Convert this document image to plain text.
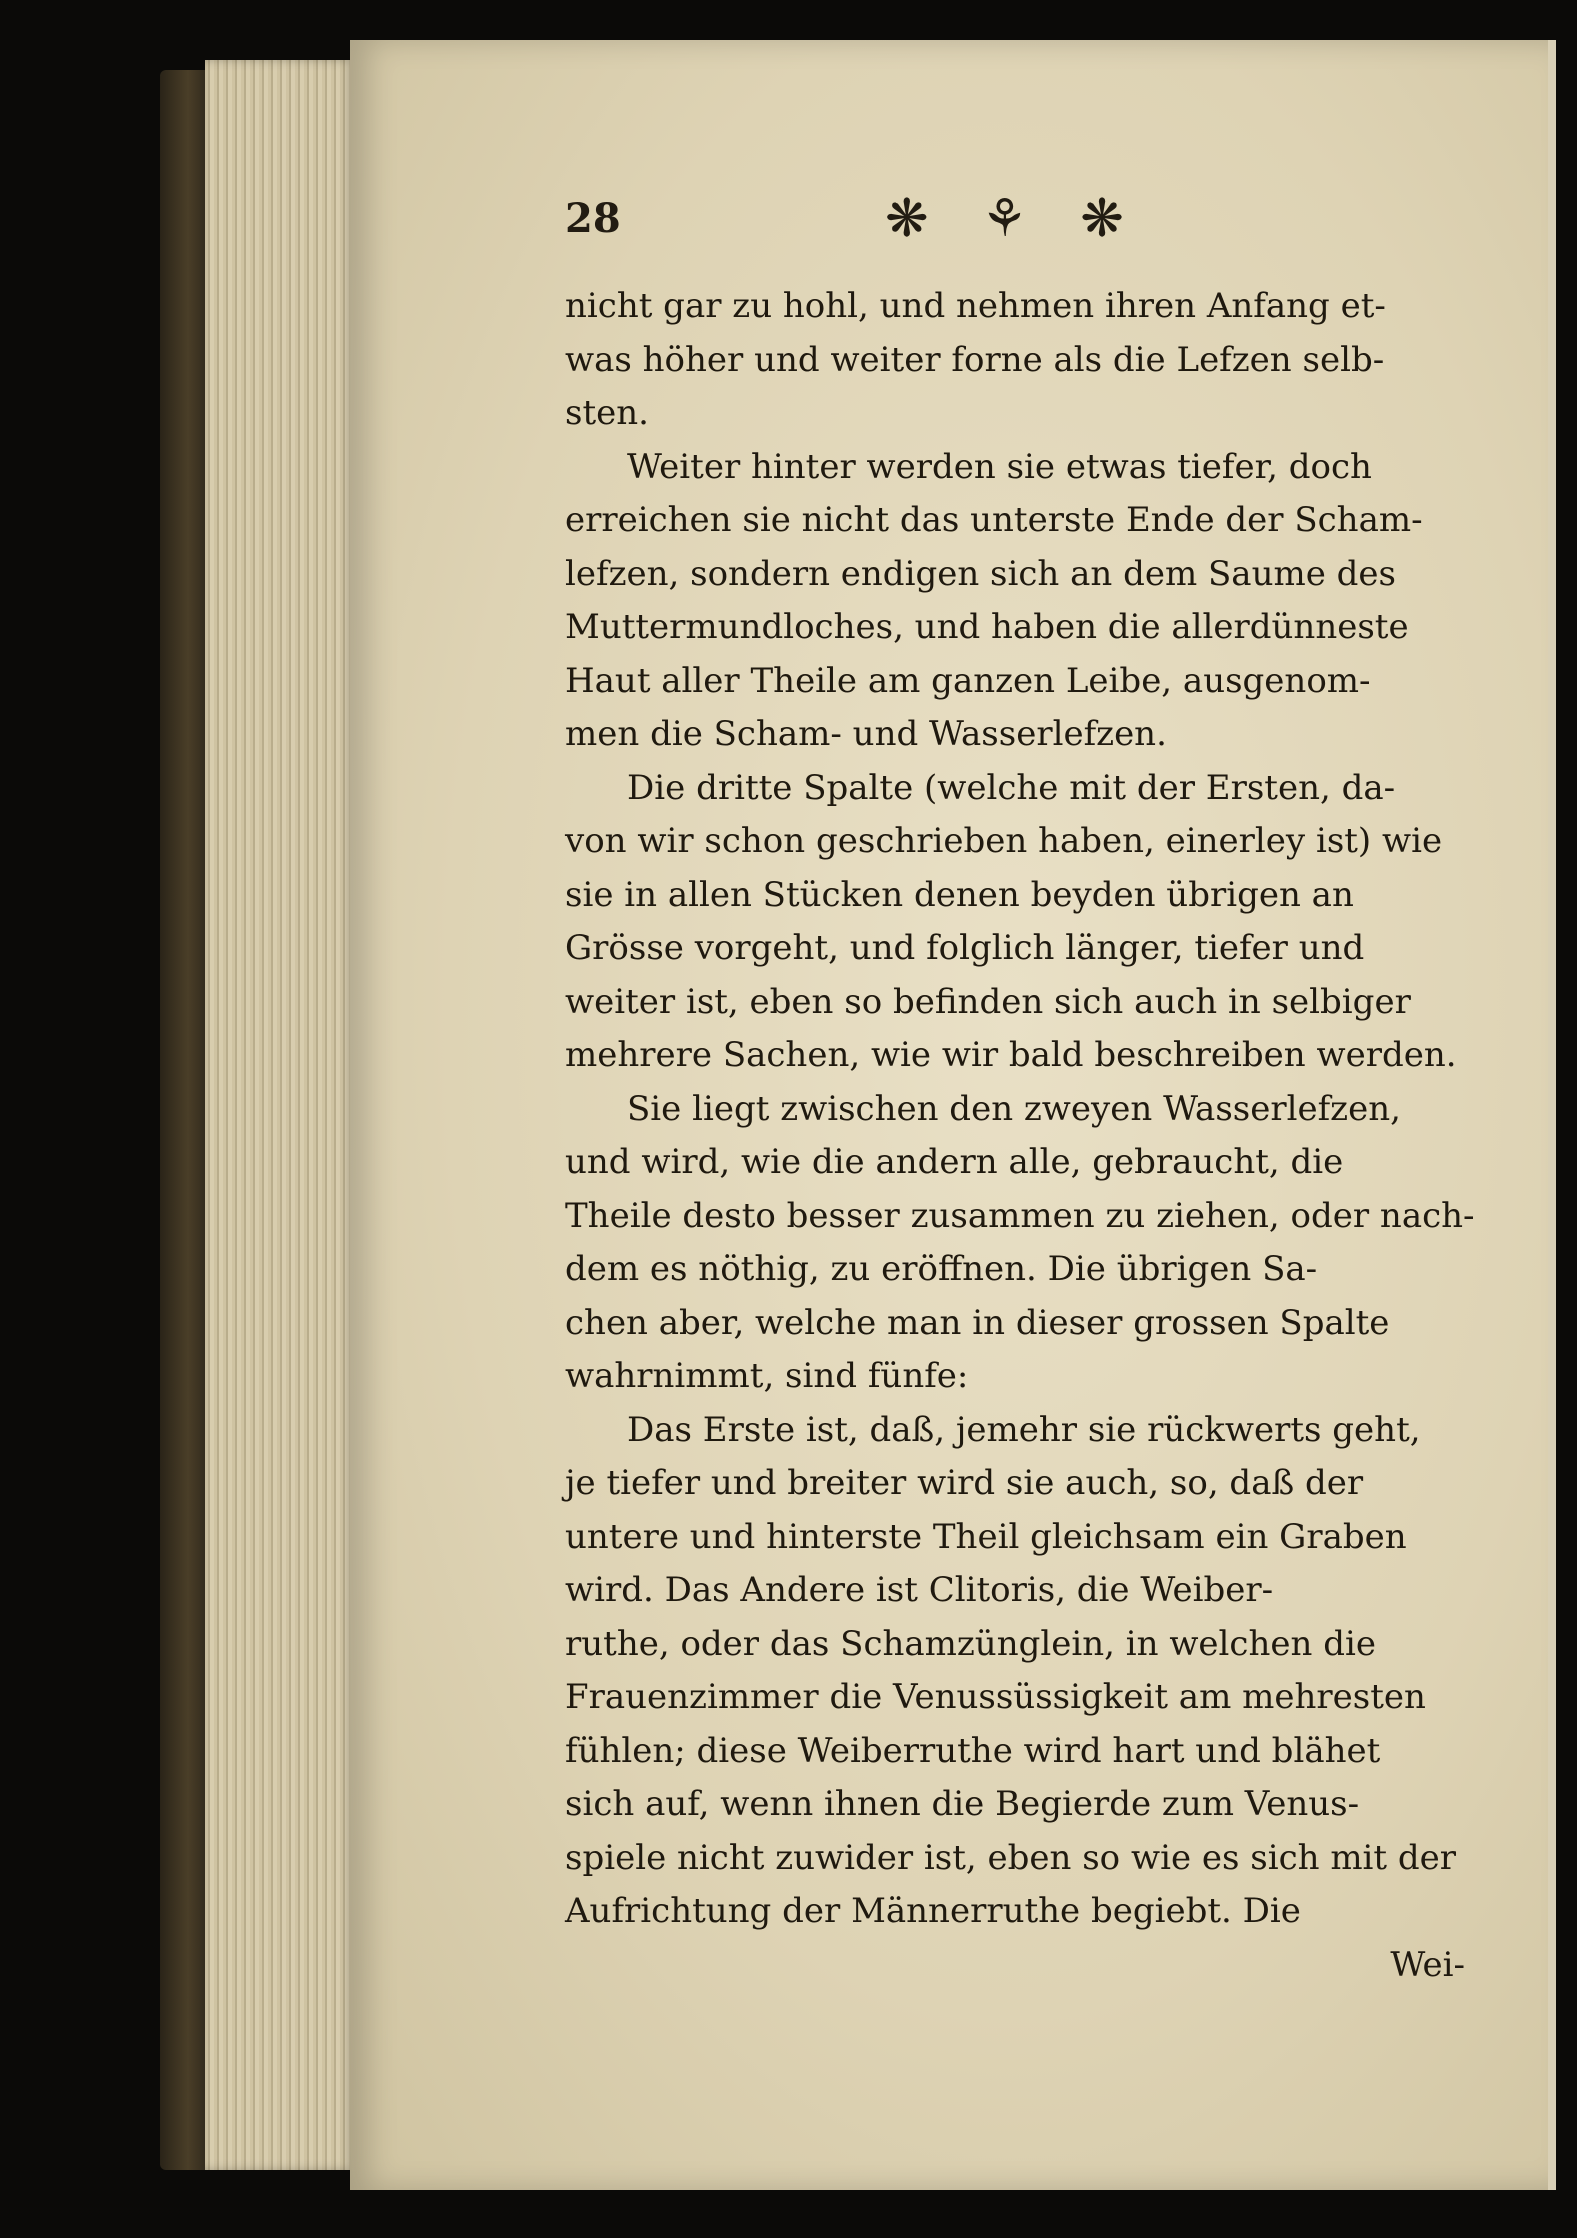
28	❋ ⚘ ❋
nicht gar zu hohl, und nehmen ihren Anfang et-
was höher und weiter forne als die Lefzen selb-
sten.
Weiter hinter werden sie etwas tiefer, doch
erreichen sie nicht das unterste Ende der Scham-
lefzen, sondern endigen sich an dem Saume des
Muttermundloches, und haben die allerdünneste
Haut aller Theile am ganzen Leibe, ausgenom-
men die Scham- und Wasserlefzen.
Die dritte Spalte (welche mit der Ersten, da-
von wir schon geschrieben haben, einerley ist) wie
sie in allen Stücken denen beyden übrigen an
Grösse vorgeht, und folglich länger, tiefer und
weiter ist, eben so befinden sich auch in selbiger
mehrere Sachen, wie wir bald beschreiben werden.
Sie liegt zwischen den zweyen Wasserlefzen,
und wird, wie die andern alle, gebraucht, die
Theile desto besser zusammen zu ziehen, oder nach-
dem es nöthig, zu eröffnen. Die übrigen Sa-
chen aber, welche man in dieser grossen Spalte
wahrnimmt, sind fünfe:
Das Erste ist, daß, jemehr sie rückwerts geht,
je tiefer und breiter wird sie auch, so, daß der
untere und hinterste Theil gleichsam ein Graben
wird. Das Andere ist Clitoris, die Weiber-
ruthe, oder das Schamzünglein, in welchen die
Frauenzimmer die Venussüssigkeit am mehresten
fühlen; diese Weiberruthe wird hart und blähet
sich auf, wenn ihnen die Begierde zum Venus-
spiele nicht zuwider ist, eben so wie es sich mit der
Aufrichtung der Männerruthe begiebt. Die
Wei-
